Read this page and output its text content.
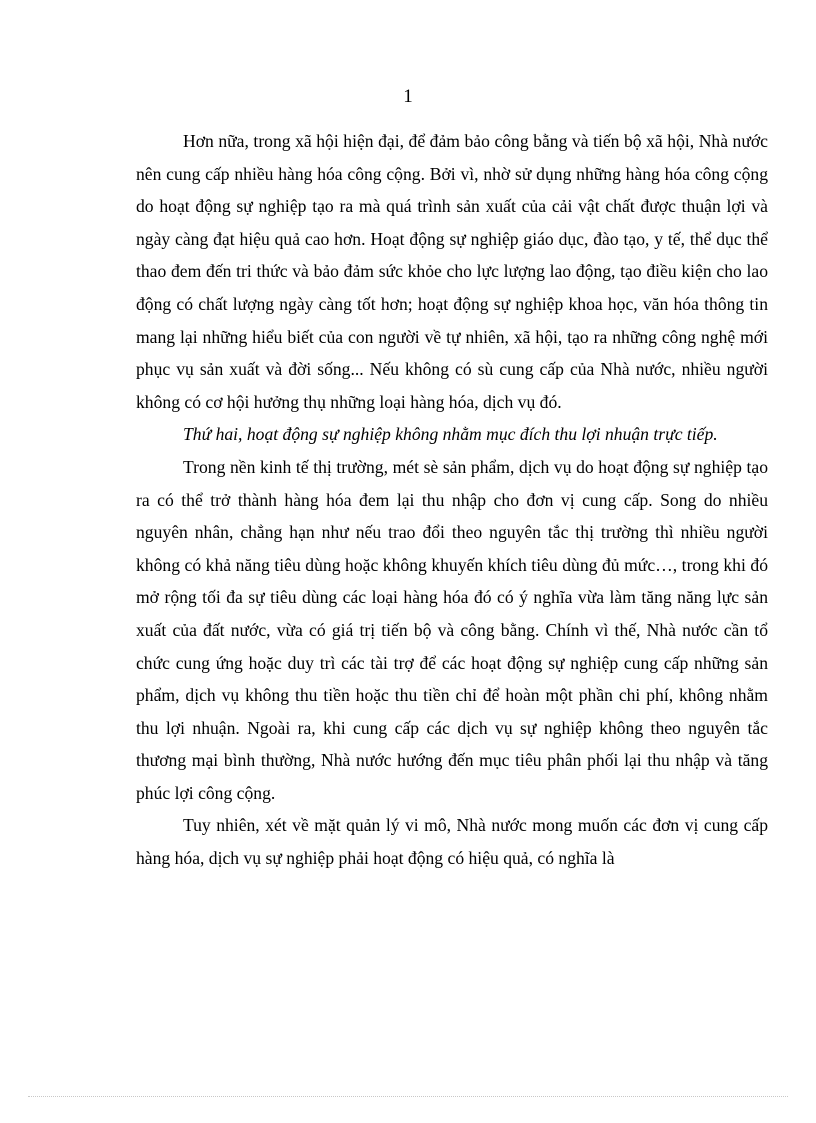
1

Hơn nữa, trong xã hội hiện đại, để đảm bảo công bằng và tiến bộ xã hội, Nhà nước nên cung cấp nhiều hàng hóa công cộng. Bởi vì, nhờ sử dụng những hàng hóa công cộng do hoạt động sự nghiệp tạo ra mà quá trình sản xuất của cải vật chất được thuận lợi và ngày càng đạt hiệu quả cao hơn. Hoạt động sự nghiệp giáo dục, đào tạo, y tế, thể dục thể thao đem đến tri thức và bảo đảm sức khỏe cho lực lượng lao động, tạo điều kiện cho lao động có chất lượng ngày càng tốt hơn; hoạt động sự nghiệp khoa học, văn hóa thông tin mang lại những hiểu biết của con người về tự nhiên, xã hội, tạo ra những công nghệ mới phục vụ sản xuất và đời sống... Nếu không có sù cung cấp của Nhà nước, nhiều người không có cơ hội hưởng thụ những loại hàng hóa, dịch vụ đó.

Thứ hai, hoạt động sự nghiệp không nhằm mục đích thu lợi nhuận trực tiếp.

Trong nền kinh tế thị trường, mét sè sản phẩm, dịch vụ do hoạt động sự nghiệp tạo ra có thể trở thành hàng hóa đem lại thu nhập cho đơn vị cung cấp. Song do nhiều nguyên nhân, chẳng hạn như nếu trao đổi theo nguyên tắc thị trường thì nhiều người không có khả năng tiêu dùng hoặc không khuyến khích tiêu dùng đủ mức…, trong khi đó mở rộng tối đa sự tiêu dùng các loại hàng hóa đó có ý nghĩa vừa làm tăng năng lực sản xuất của đất nước, vừa có giá trị tiến bộ và công bằng. Chính vì thế, Nhà nước cần tổ chức cung ứng hoặc duy trì các tài trợ để các hoạt động sự nghiệp cung cấp những sản phẩm, dịch vụ không thu tiền hoặc thu tiền chỉ để hoàn một phần chi phí, không nhằm thu lợi nhuận. Ngoài ra, khi cung cấp các dịch vụ sự nghiệp không theo nguyên tắc thương mại bình thường, Nhà nước hướng đến mục tiêu phân phối lại thu nhập và tăng phúc lợi công cộng.

Tuy nhiên, xét về mặt quản lý vi mô, Nhà nước mong muốn các đơn vị cung cấp hàng hóa, dịch vụ sự nghiệp phải hoạt động có hiệu quả, có nghĩa là
